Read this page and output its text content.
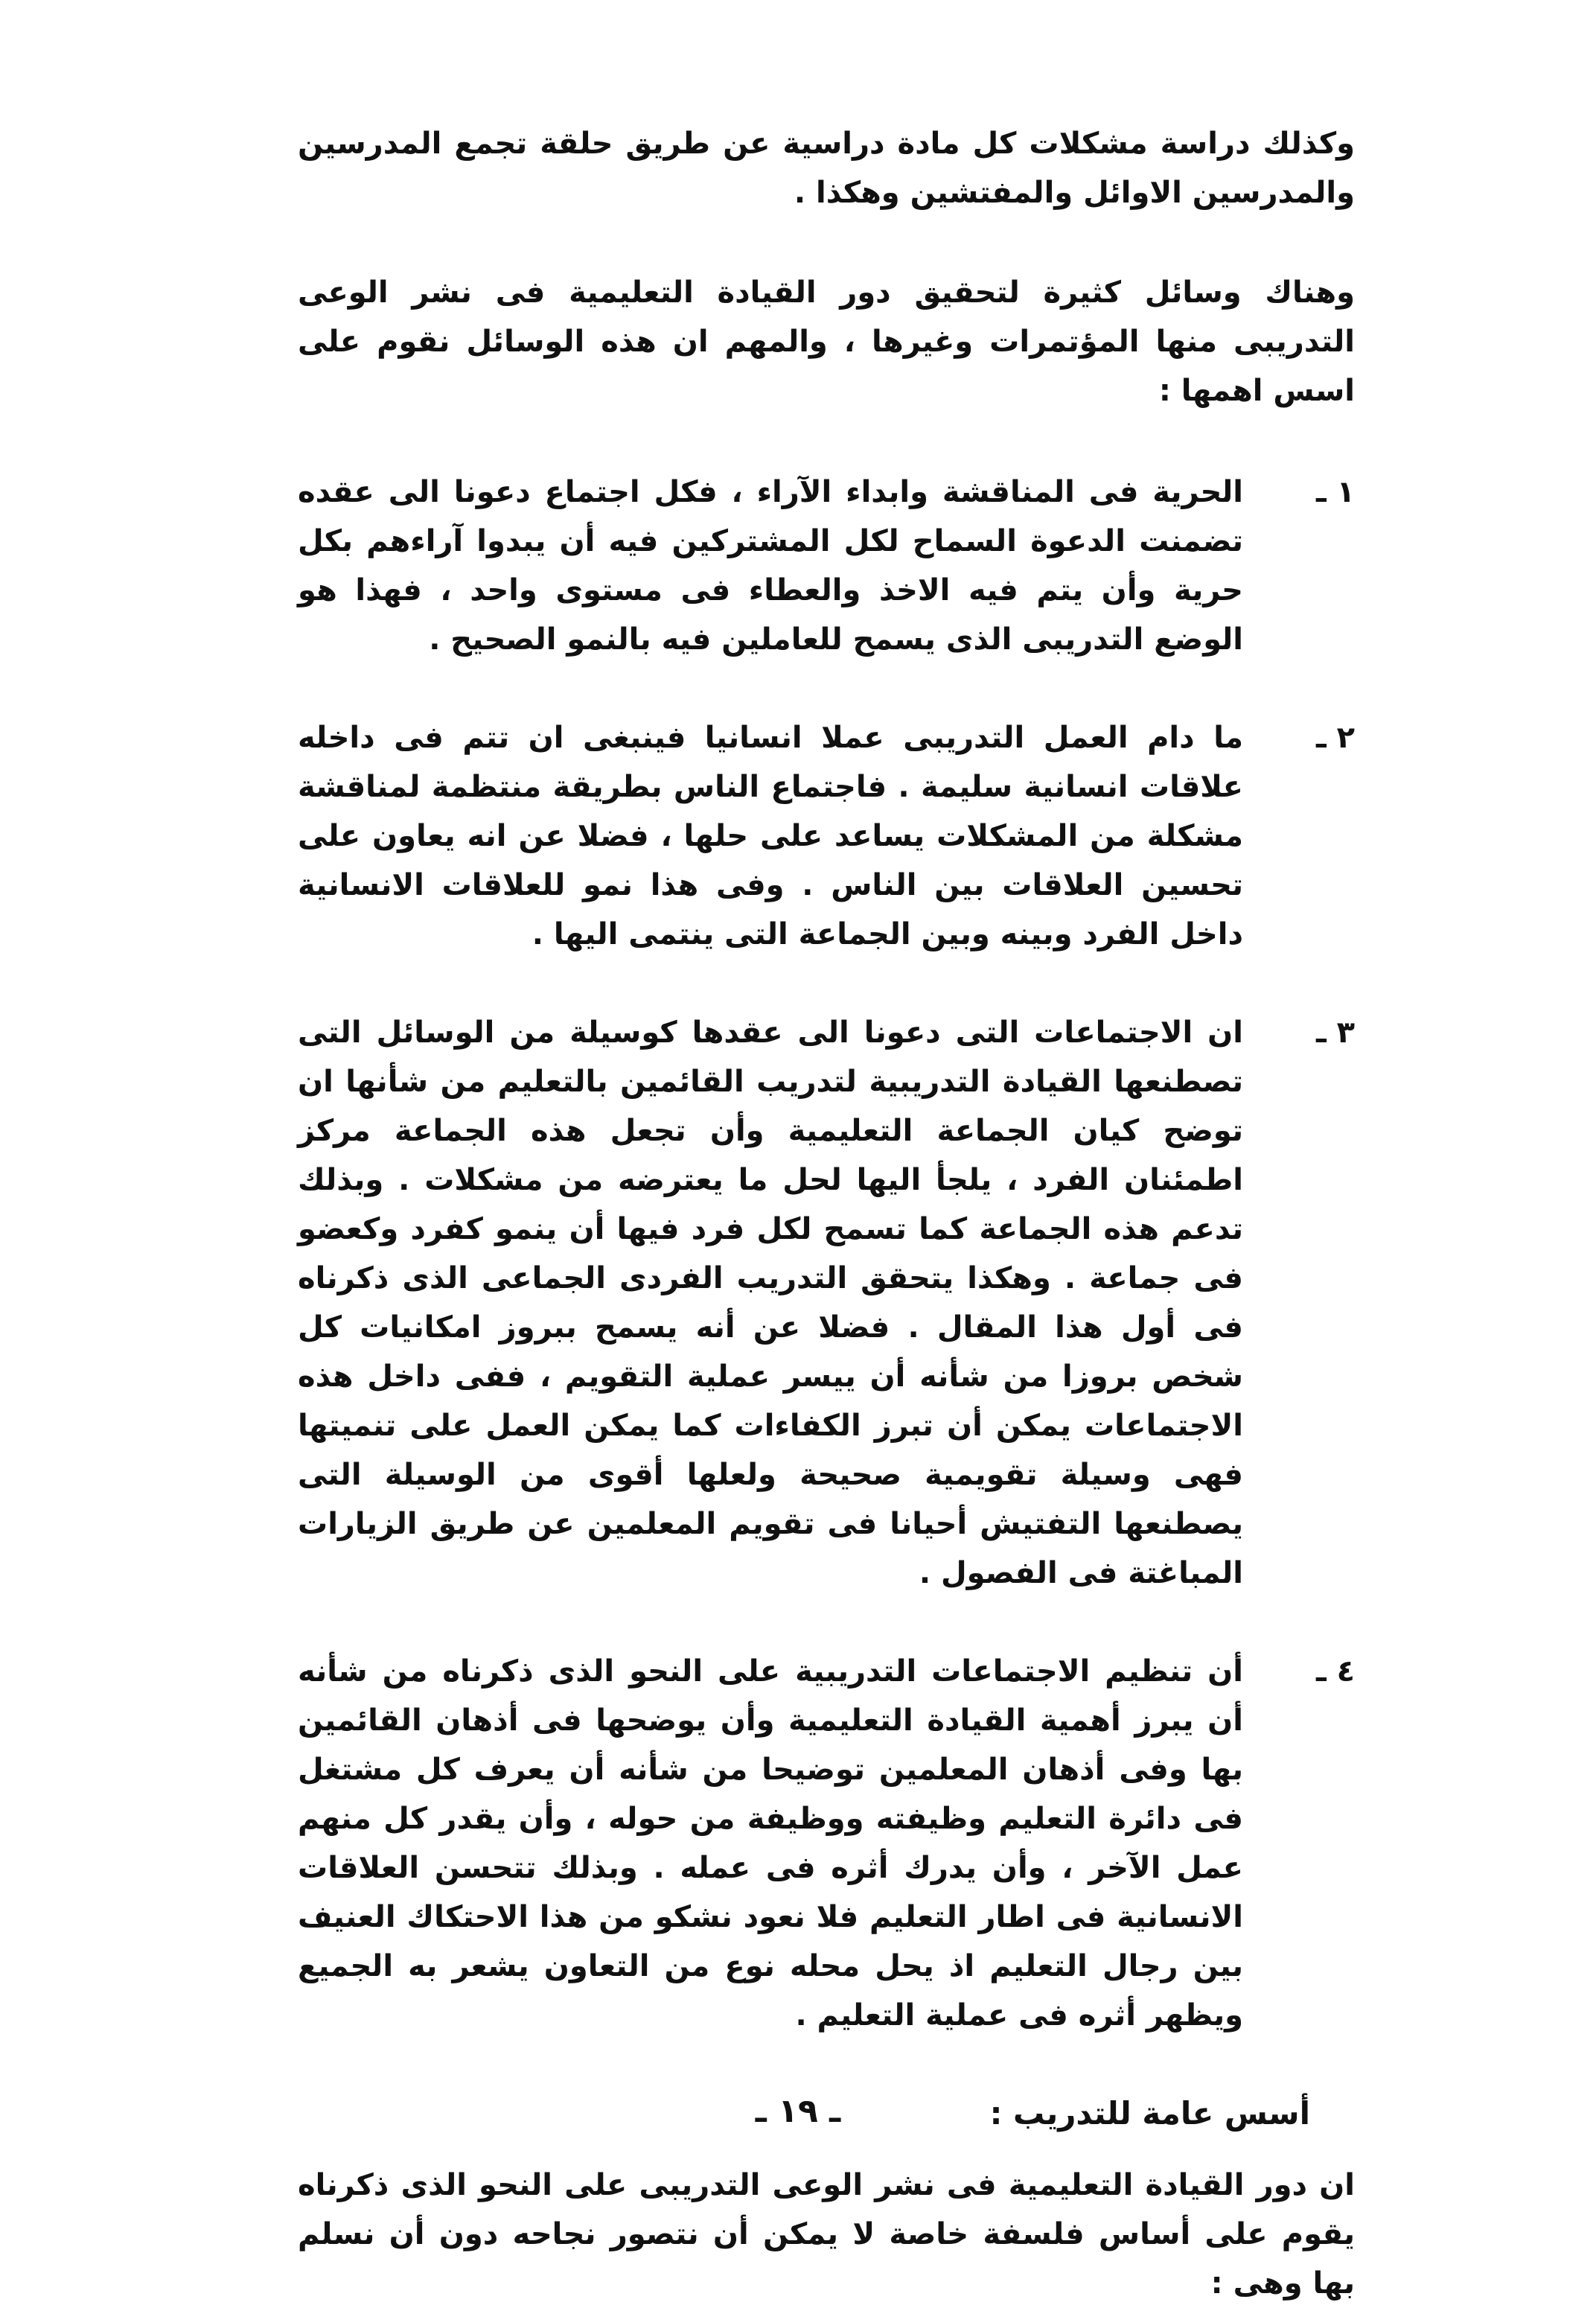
وكذلك دراسة مشكلات كل مادة دراسية عن طريق حلقة تجمع المدرسين والمدرسين الاوائل والمفتشين وهكذا .

وهناك وسائل كثيرة لتحقيق دور القيادة التعليمية فى نشر الوعى التدريبى منها المؤتمرات وغيرها ، والمهم ان هذه الوسائل نقوم على اسس اهمها :

١ ـ
الحرية فى المناقشة وابداء الآراء ، فكل اجتماع دعونا الى عقده تضمنت الدعوة السماح لكل المشتركين فيه أن يبدوا آراءهم بكل حرية وأن يتم فيه الاخذ والعطاء فى مستوى واحد ، فهذا هو الوضع التدريبى الذى يسمح للعاملين فيه بالنمو الصحيح .
٢ ـ
ما دام العمل التدريبى عملا انسانيا فينبغى ان تتم فى داخله علاقات انسانية سليمة . فاجتماع الناس بطريقة منتظمة لمناقشة مشكلة من المشكلات يساعد على حلها ، فضلا عن انه يعاون على تحسين العلاقات بين الناس . وفى هذا نمو للعلاقات الانسانية داخل الفرد وبينه وبين الجماعة التى ينتمى اليها .
٣ ـ
ان الاجتماعات التى دعونا الى عقدها كوسيلة من الوسائل التى تصطنعها القيادة التدريبية لتدريب القائمين بالتعليم من شأنها ان توضح كيان الجماعة التعليمية وأن تجعل هذه الجماعة مركز اطمئنان الفرد ، يلجأ اليها لحل ما يعترضه من مشكلات . وبذلك تدعم هذه الجماعة كما تسمح لكل فرد فيها أن ينمو كفرد وكعضو فى جماعة . وهكذا يتحقق التدريب الفردى الجماعى الذى ذكرناه فى أول هذا المقال . فضلا عن أنه يسمح ببروز امكانيات كل شخص بروزا من شأنه أن ييسر عملية التقويم ، ففى داخل هذه الاجتماعات يمكن أن تبرز الكفاءات كما يمكن العمل على تنميتها فهى وسيلة تقويمية صحيحة ولعلها أقوى من الوسيلة التى يصطنعها التفتيش أحيانا فى تقويم المعلمين عن طريق الزيارات المباغتة فى الفصول .
٤ ـ
أن تنظيم الاجتماعات التدريبية على النحو الذى ذكرناه من شأنه أن يبرز أهمية القيادة التعليمية وأن يوضحها فى أذهان القائمين بها وفى أذهان المعلمين توضيحا من شأنه أن يعرف كل مشتغل فى دائرة التعليم وظيفته ووظيفة من حوله ، وأن يقدر كل منهم عمل الآخر ، وأن يدرك أثره فى عمله . وبذلك تتحسن العلاقات الانسانية فى اطار التعليم فلا نعود نشكو من هذا الاحتكاك العنيف بين رجال التعليم اذ يحل محله نوع من التعاون يشعر به الجميع ويظهر أثره فى عملية التعليم .
أسس عامة للتدريب :

ان دور القيادة التعليمية فى نشر الوعى التدريبى على النحو الذى ذكرناه يقوم على أساس فلسفة خاصة لا يمكن أن نتصور نجاحه دون أن نسلم بها وهى :

ـ ١٩ ـ
